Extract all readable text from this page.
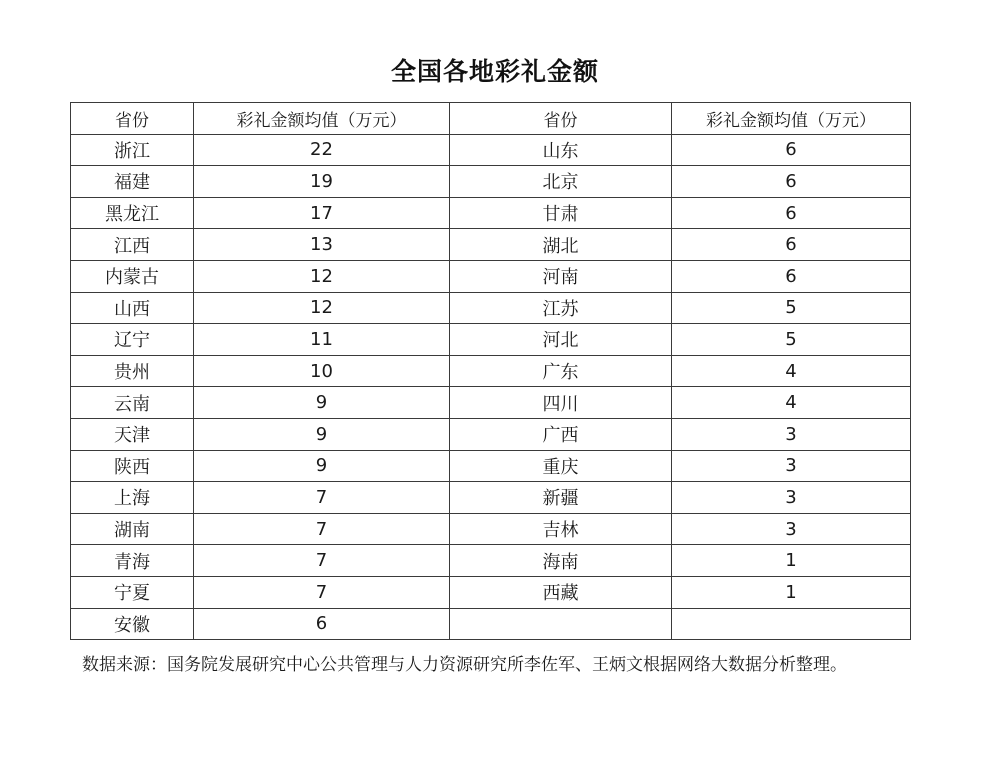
全国各地彩礼金额
省份	彩礼金额均值（万元）	省份	彩礼金额均值（万元）
浙江	22	山东	6
福建	19	北京	6
黑龙江	17	甘肃	6
江西	13	湖北	6
内蒙古	12	河南	6
山西	12	江苏	5
辽宁	11	河北	5
贵州	10	广东	4
云南	9	四川	4
天津	9	广西	3
陕西	9	重庆	3
上海	7	新疆	3
湖南	7	吉林	3
青海	7	海南	1
宁夏	7	西藏	1
安徽	6		
数据来源：国务院发展研究中心公共管理与人力资源研究所李佐军、王炳文根据网络大数据分析整理。
